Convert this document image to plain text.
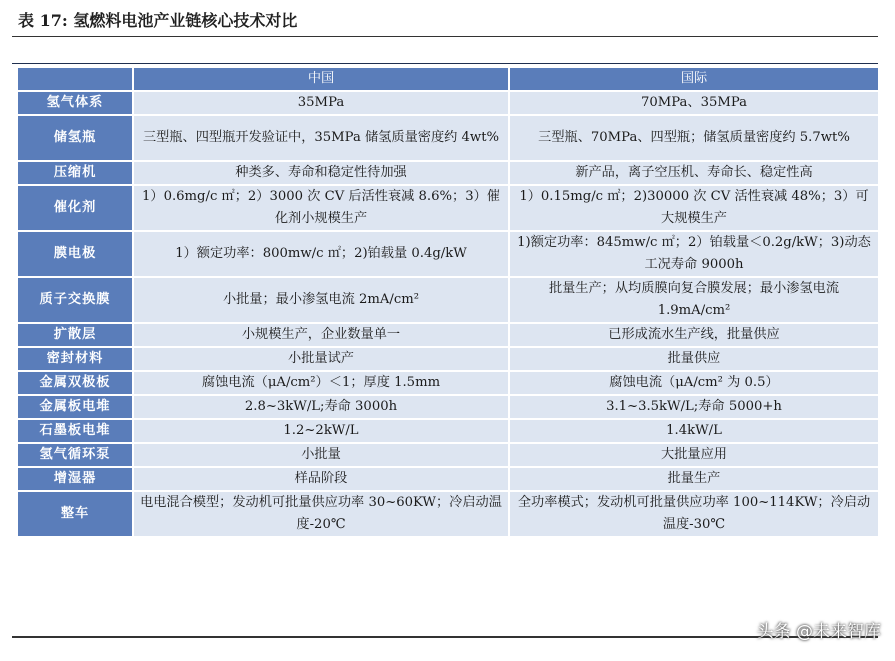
表 17: 氢燃料电池产业链核心技术对比
	中国	国际
氢气体系	35MPa	70MPa、35MPa
储氢瓶	三型瓶、四型瓶开发验证中，35MPa 储氢质量密度约 4wt%	三型瓶、70MPa、四型瓶；储氢质量密度约 5.7wt%
压缩机	种类多、寿命和稳定性待加强	新产品，离子空压机、寿命长、稳定性高
催化剂	1）0.6mg/c ㎡；2）3000 次 CV 后活性衰减 8.6%；3）催化剂小规模生产	1）0.15mg/c ㎡；2)30000 次 CV 活性衰减 48%；3）可大规模生产
膜电极	1）额定功率：800mw/c ㎡；2)铂载量 0.4g/kW	1)额定功率：845mw/c ㎡；2）铂载量＜0.2g/kW；3)动态工况寿命 9000h
质子交换膜	小批量；最小渗氢电流 2mA/cm²	批量生产；从均质膜向复合膜发展；最小渗氢电流 1.9mA/cm²
扩散层	小规模生产，企业数量单一	已形成流水生产线，批量供应
密封材料	小批量试产	批量供应
金属双极板	腐蚀电流（μA/cm²）＜1；厚度 1.5mm	腐蚀电流（μA/cm² 为 0.5）
金属板电堆	2.8~3kW/L;寿命 3000h	3.1~3.5kW/L;寿命 5000+h
石墨板电堆	1.2~2kW/L	1.4kW/L
氢气循环泵	小批量	大批量应用
增湿器	样品阶段	批量生产
整车	电电混合模型；发动机可批量供应功率 30~60KW；冷启动温度-20℃	全功率模式；发动机可批量供应功率 100~114KW；冷启动温度-30℃
头条 @未来智库
